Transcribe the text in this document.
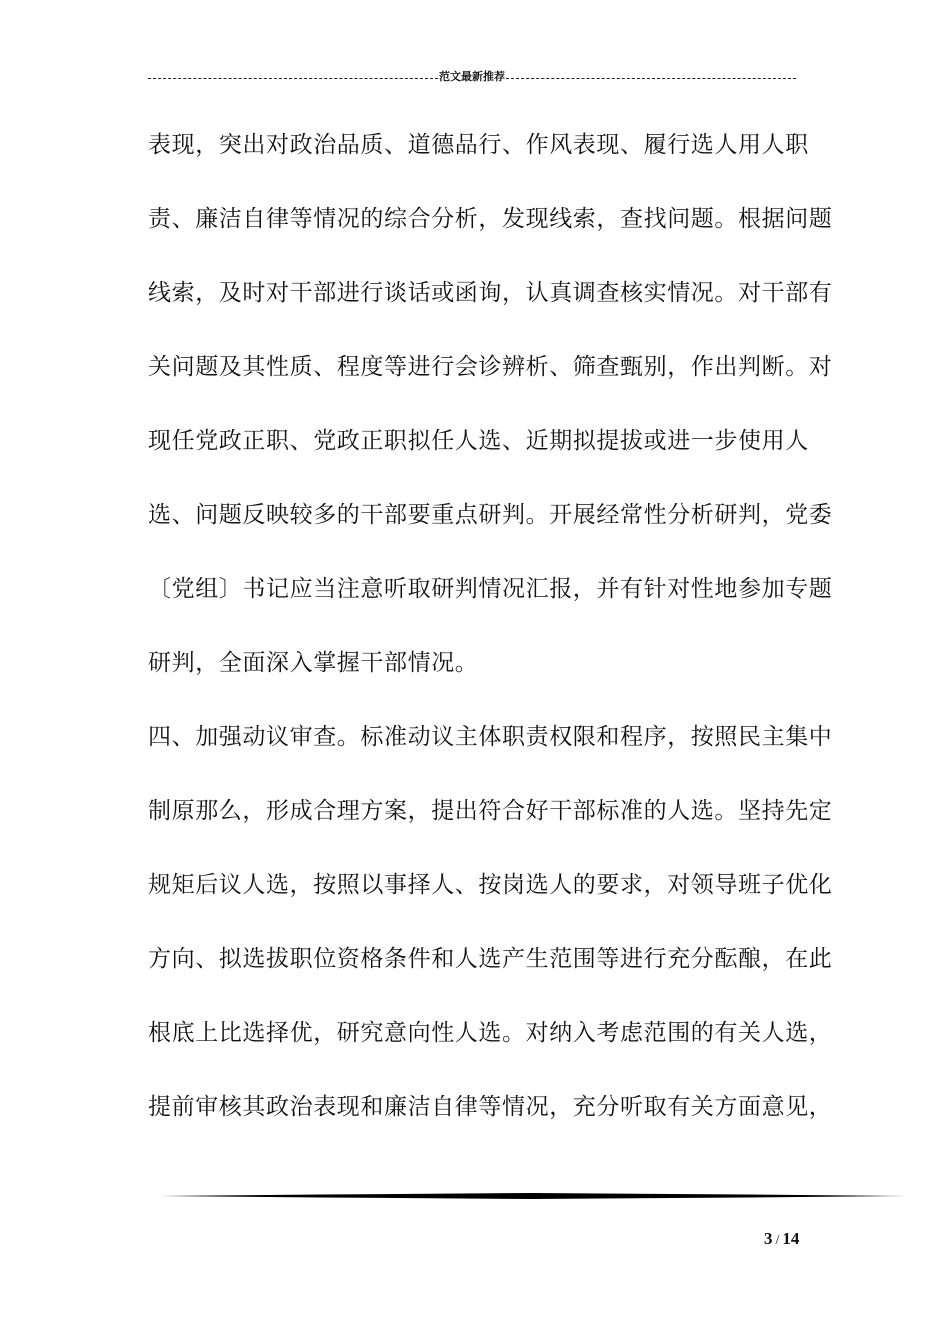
范文最新推荐
表现，突出对政治品质、道德品行、作风表现、履行选人用人职
责、廉洁自律等情况的综合分析，发现线索，查找问题。根据问题
线索，及时对干部进行谈话或函询，认真调查核实情况。对干部有
关问题及其性质、程度等进行会诊辨析、筛查甄别，作出判断。对
现任党政正职、党政正职拟任人选、近期拟提拔或进一步使用人
选、问题反映较多的干部要重点研判。开展经常性分析研判，党委
〔党组〕书记应当注意听取研判情况汇报，并有针对性地参加专题
研判，全面深入掌握干部情况。
四、加强动议审查。标准动议主体职责权限和程序，按照民主集中
制原那么，形成合理方案，提出符合好干部标准的人选。坚持先定
规矩后议人选，按照以事择人、按岗选人的要求，对领导班子优化
方向、拟选拔职位资格条件和人选产生范围等进行充分酝酿，在此
根底上比选择优，研究意向性人选。对纳入考虑范围的有关人选，
提前审核其政治表现和廉洁自律等情况，充分听取有关方面意见，
3 / 14
